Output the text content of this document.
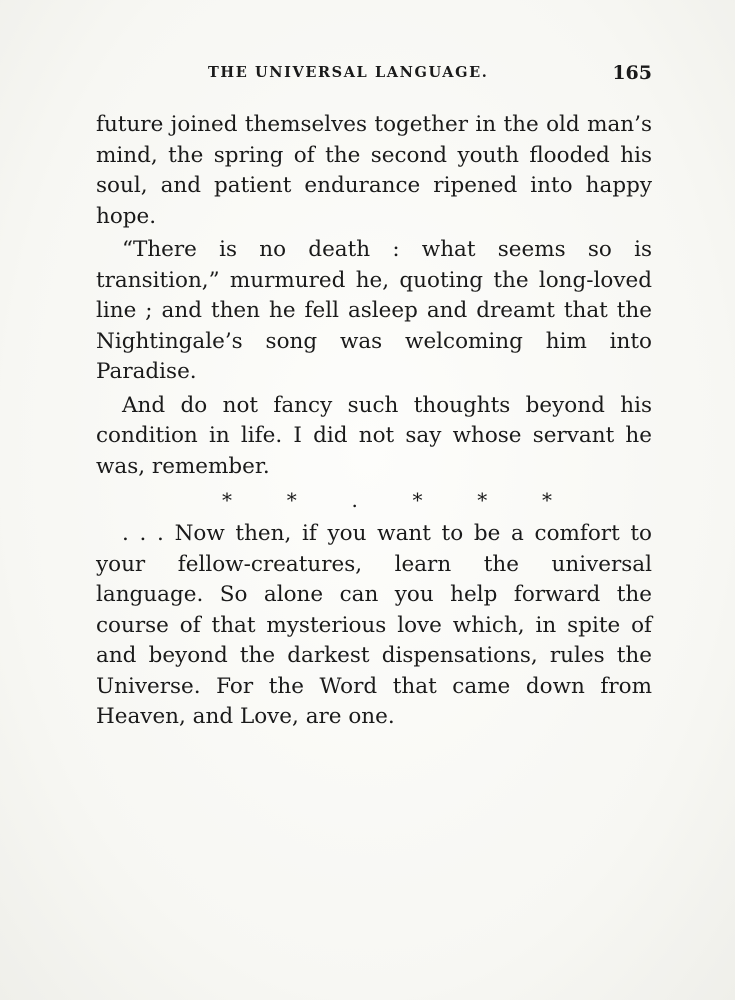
THE UNIVERSAL LANGUAGE.	165

future joined themselves together in the old man’s mind, the spring of the second youth flooded his soul, and patient endurance ripened into happy hope.

“There is no death : what seems so is transition,” murmured he, quoting the long-loved line ; and then he fell asleep and dreamt that the Nightingale’s song was welcoming him into Paradise.

And do not fancy such thoughts beyond his condition in life. I did not say whose servant he was, remember.

*	*	.	*	*	*

. . . Now then, if you want to be a comfort to your fellow-creatures, learn the universal language. So alone can you help forward the course of that mysterious love which, in spite of and beyond the darkest dispensations, rules the Universe. For the Word that came down from Heaven, and Love, are one.
